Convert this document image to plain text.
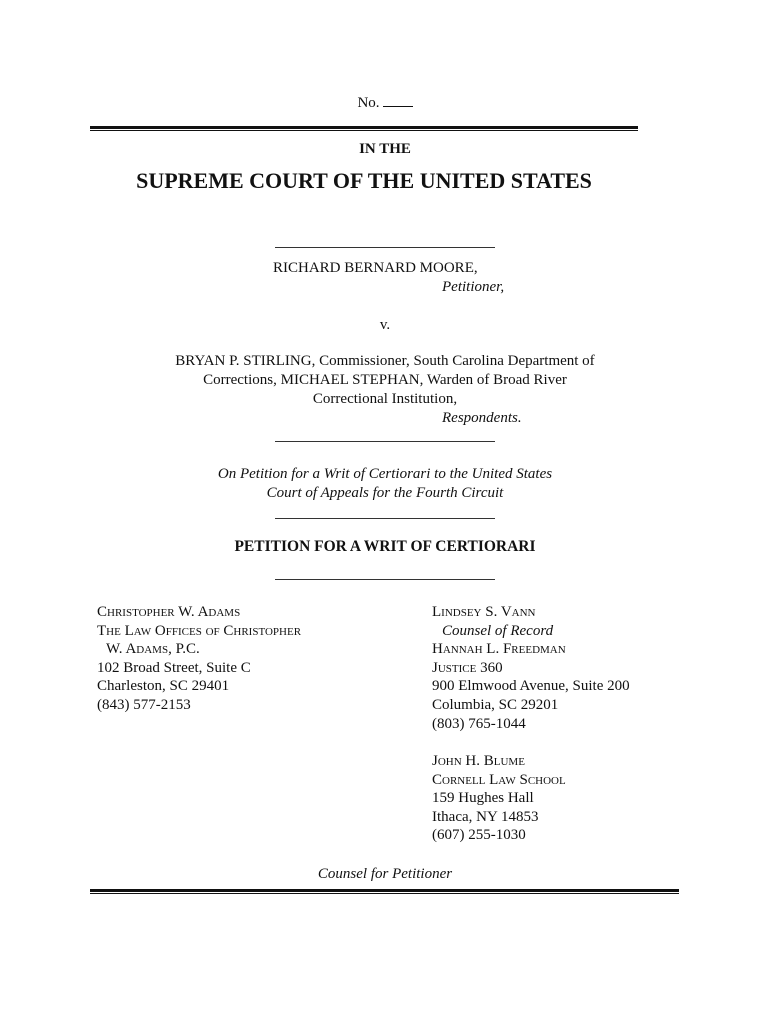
No.
IN THE
SUPREME COURT OF THE UNITED STATES
RICHARD BERNARD MOORE,
Petitioner,
v.
BRYAN P. STIRLING, Commissioner, South Carolina Department of
Corrections, MICHAEL STEPHAN, Warden of Broad River
Correctional Institution,
Respondents.
On Petition for a Writ of Certiorari to the United States
Court of Appeals for the Fourth Circuit
PETITION FOR A WRIT OF CERTIORARI
Christopher W. Adams
The Law Offices of Christopher
W. Adams, P.C.
102 Broad Street, Suite C
Charleston, SC 29401
(843) 577-2153
Lindsey S. Vann
Counsel of Record
Hannah L. Freedman
Justice 360
900 Elmwood Avenue, Suite 200
Columbia, SC 29201
(803) 765-1044
John H. Blume
Cornell Law School
159 Hughes Hall
Ithaca, NY 14853
(607) 255-1030
Counsel for Petitioner
